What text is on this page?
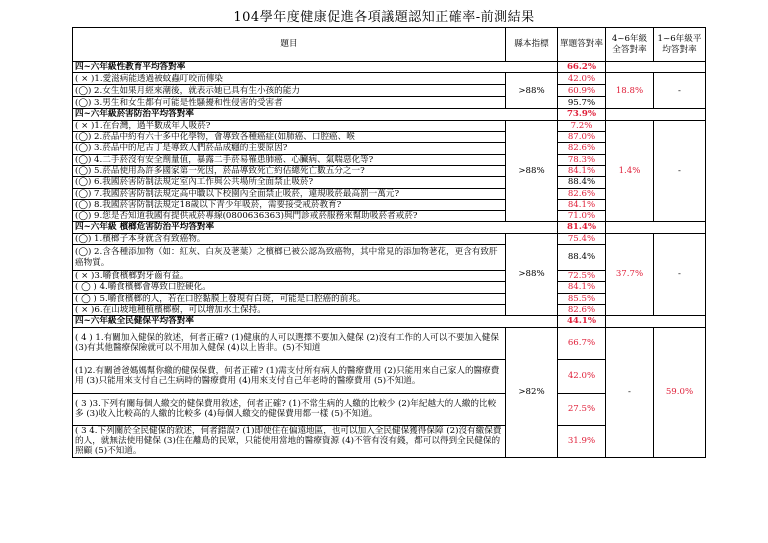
104學年度健康促進各項議題認知正確率-前測結果
題目	縣本指標	單題答對率	4~6年級全答對率	1~6年級平均答對率
四~六年級性教育平均答對率		66.2%		
( × )1.愛滋病能透過被蚊蟲叮咬而傳染	>88%	42.0%	18.8%	-
(◯) 2.女生如果月經來潮後，就表示她已具有生小孩的能力		60.9%		
(◯) 3.男生和女生都有可能是性騷擾和性侵害的受害者		95.7%		
四~六年級菸害防治平均答對率		73.9%		
( × )1.在台灣，過半數成年人吸菸?	>88%	7.2%	1.4%	-
(◯) 2.菸品中約有六十多中化學物，會導致各種癌症(如肺癌、口腔癌、喉		87.0%		
(◯) 3.菸品中的尼古丁是導致人們菸品成癮的主要原因?		82.6%		
(◯) 4.二手菸沒有安全劑量值，暴露二手菸易罹患肺癌、心臟病、氣喘惡化等?		78.3%		
(◯) 5.菸品使用為許多國家第一死因，菸品導致死亡約佔總死亡數五分之一?		84.1%		
(◯) 6.我國菸害防制法規定室內工作與公共場所全面禁止吸菸?		88.4%		
(◯) 7.我國菸害防制法規定高中職以下校園內全面禁止吸菸，違規吸菸最高罰一萬元?		82.6%		
(◯) 8.我國菸害防制法規定18歲以下青少年吸菸，需要接受戒菸教育?		84.1%		
(◯) 9.您是否知道我國有提供戒菸專線(0800636363)與門診戒菸服務來幫助吸菸者戒菸?		71.0%		
四~六年級 檳榔危害防治平均答對率		81.4%		
(◯) 1.檳榔子本身就含有致癌物。	>88%	75.4%	37.7%	-
(◯) 2.含各種添加物（如：紅灰、白灰及荖葉）之檳榔已被公認為致癌物，其中常見的添加物荖花，更含有致肝癌物質。		88.4%		
( × )3.嚼食檳榔對牙齒有益。		72.5%		
( ◯ ) 4.嚼食檳榔會導致口腔硬化。		84.1%		
( ◯ ) 5.嚼食檳榔的人，若在口腔黏膜上發現有白斑，可能是口腔癌的前兆。		85.5%		
( × )6.在山坡地種植檳榔樹，可以增加水土保持。		82.6%		
四~六年級全民健保平均答對率		44.1%		
( 4 ) 1.有關加入健保的敘述，何者正確? (1)健康的人可以選擇不要加入健保 (2)沒有工作的人可以不要加入健保 (3)有其他醫療保險就可以不用加入健保 (4)以上皆非。(5)不知道	>82%	66.7%	-	59.0%
(1)2.有關爸爸媽媽幫你繳的健保保費，何者正確? (1)需支付所有病人的醫療費用 (2)只能用來自己家人的醫療費用 (3)只能用來支付自己生病時的醫療費用 (4)用來支付自己年老時的醫療費用 (5)不知道。		42.0%		
( 3 )3.下列有關每個人繳交的健保費用敘述，何者正確? (1)不常生病的人繳的比較少 (2)年紀越大的人繳的比較多 (3)收入比較高的人繳的比較多 (4)每個人繳交的健保費用都一樣 (5)不知道。		27.5%		
( 3 4.下列關於全民健保的敘述，何者錯誤? (1)即使住在偏遠地區，也可以加入全民健保獲得保障 (2)沒有繳保費的人，就無法使用健保 (3)住在離島的民眾，只能使用當地的醫療資源 (4)不管有沒有錢，都可以得到全民健保的照顧 (5)不知道。		31.9%		
